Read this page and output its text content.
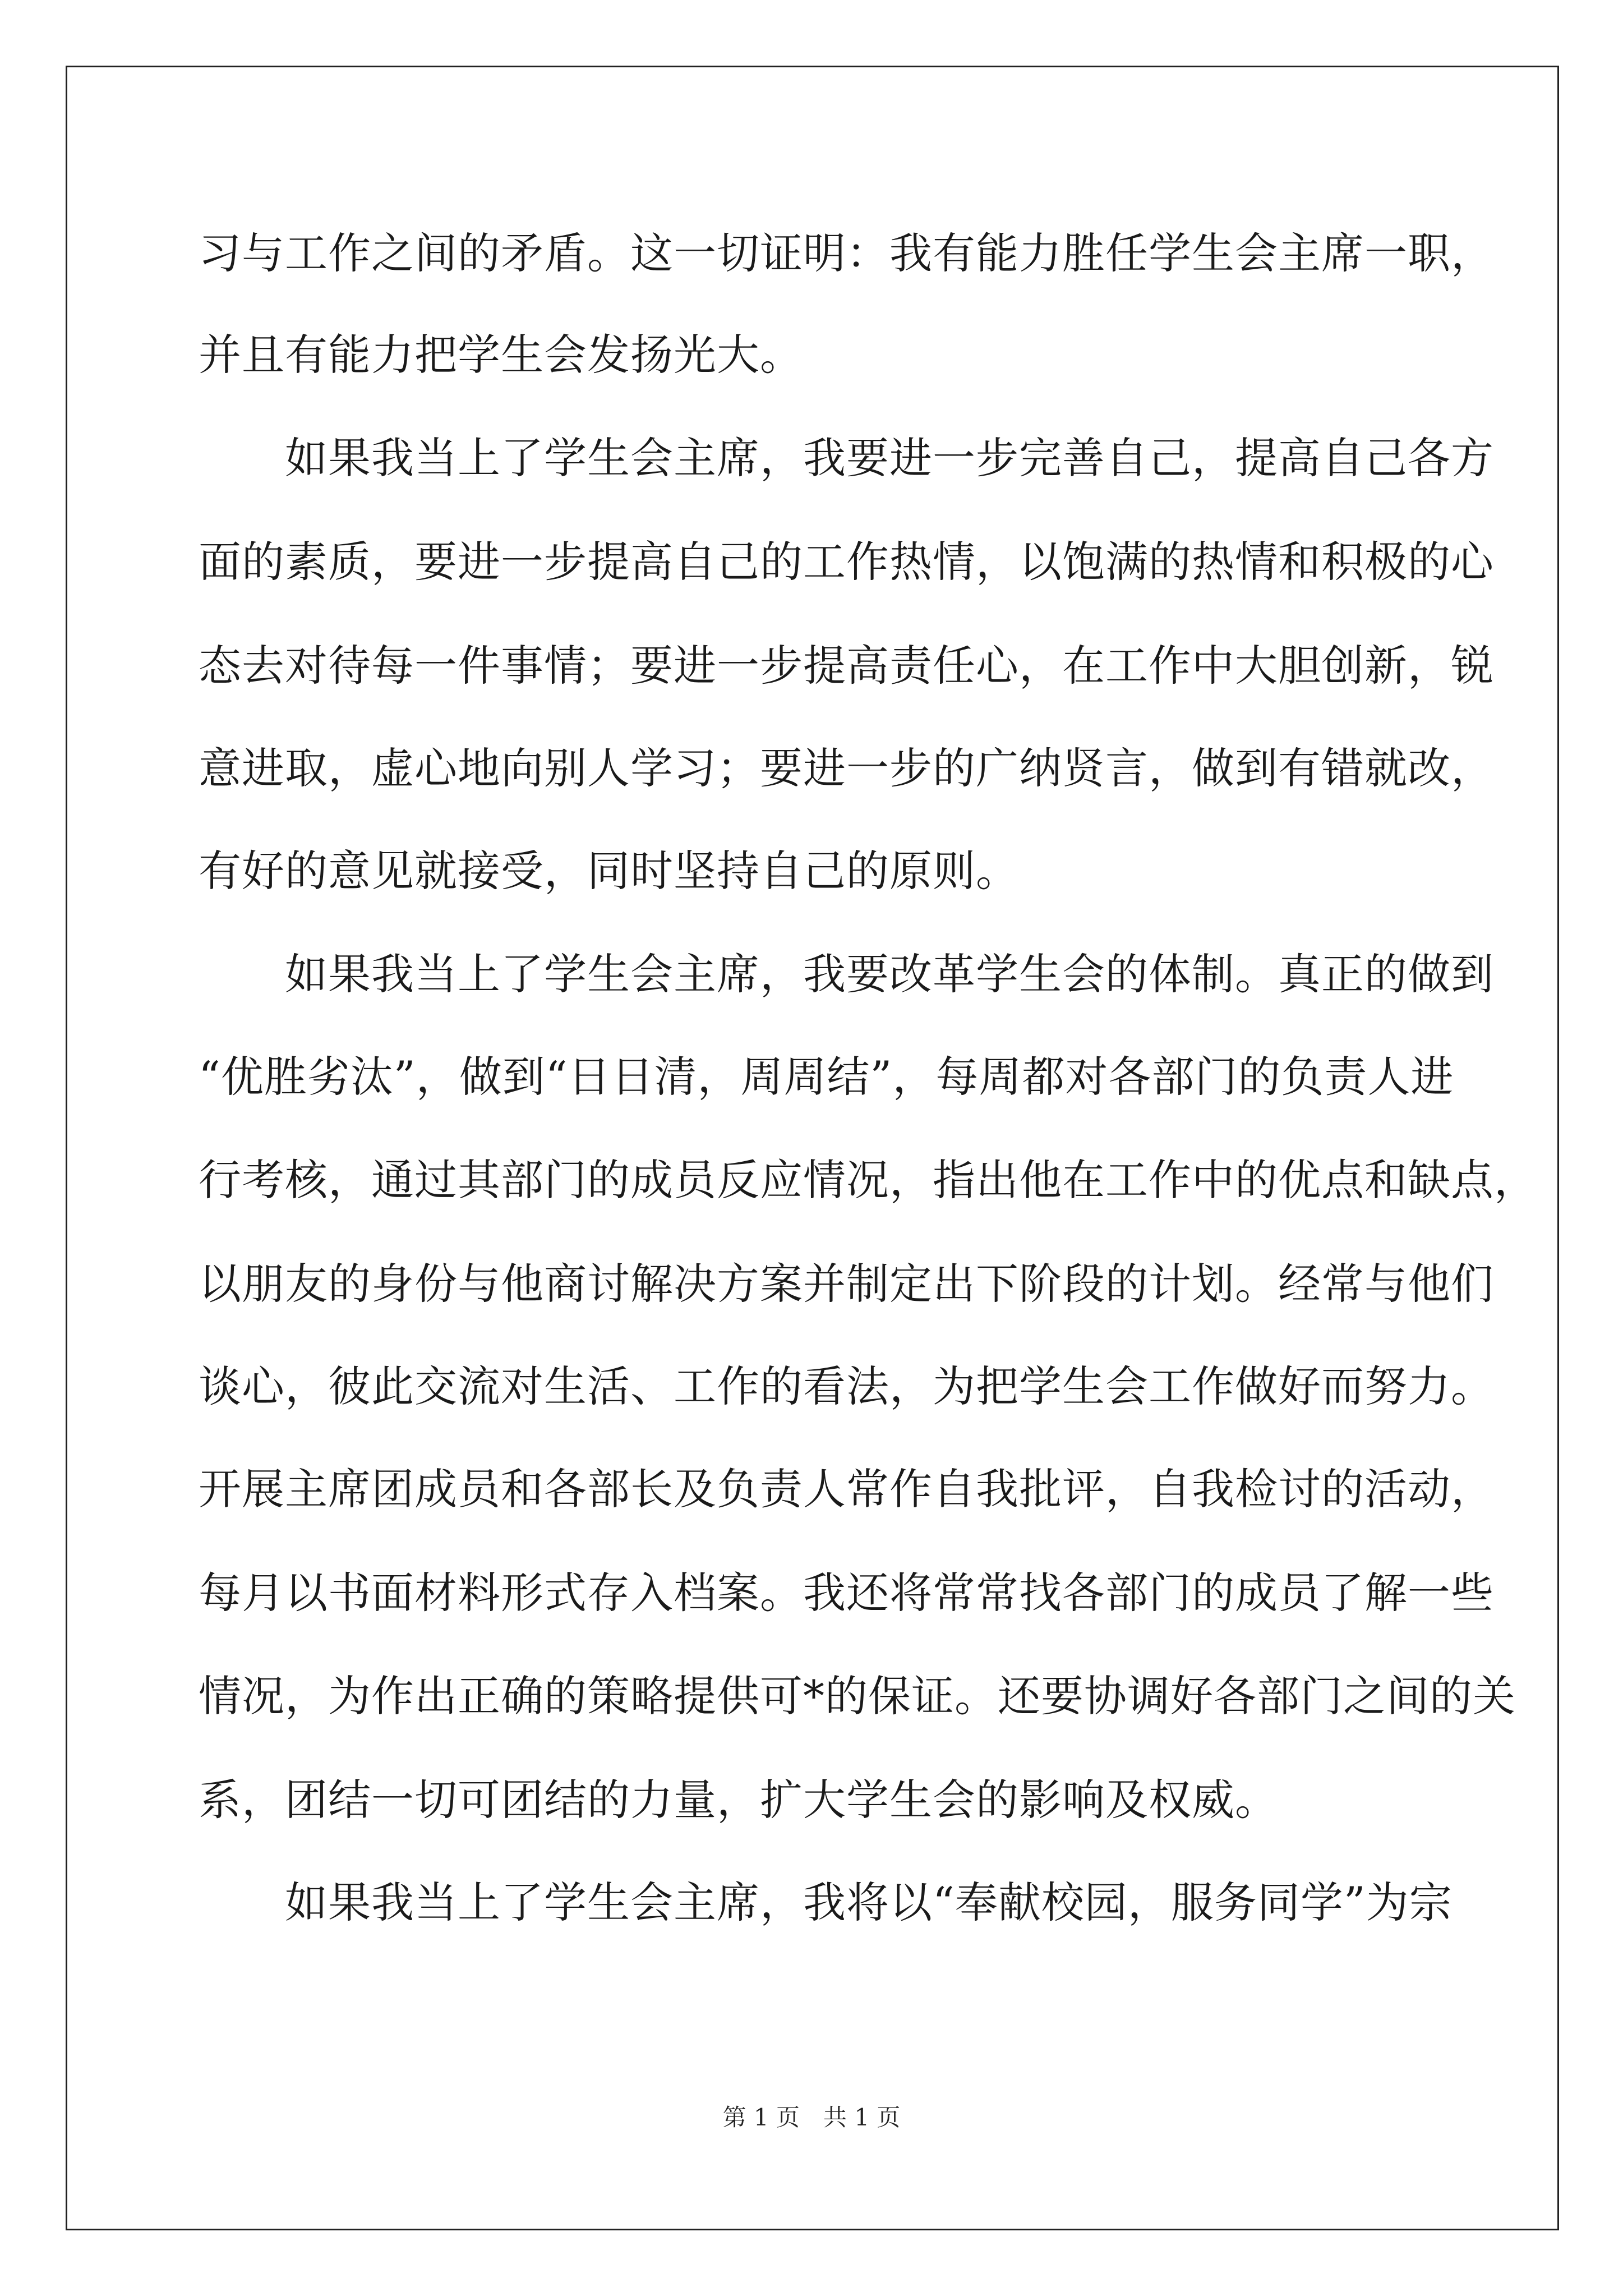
习与工作之间的矛盾。这一切证明：我有能力胜任学生会主席一职，
并且有能力把学生会发扬光大。
　　如果我当上了学生会主席，我要进一步完善自己，提高自己各方
面的素质，要进一步提高自己的工作热情，以饱满的热情和积极的心
态去对待每一件事情；要进一步提高责任心，在工作中大胆创新，锐
意进取，虚心地向别人学习；要进一步的广纳贤言，做到有错就改，
有好的意见就接受，同时坚持自己的原则。
　　如果我当上了学生会主席，我要改革学生会的体制。真正的做到
“优胜劣汰”，做到“日日清，周周结”，每周都对各部门的负责人进
行考核，通过其部门的成员反应情况，指出他在工作中的优点和缺点，
以朋友的身份与他商讨解决方案并制定出下阶段的计划。经常与他们
谈心，彼此交流对生活、工作的看法，为把学生会工作做好而努力。
开展主席团成员和各部长及负责人常作自我批评，自我检讨的活动，
每月以书面材料形式存入档案。我还将常常找各部门的成员了解一些
情况，为作出正确的策略提供可*的保证。还要协调好各部门之间的关
系，团结一切可团结的力量，扩大学生会的影响及权威。
　　如果我当上了学生会主席，我将以“奉献校园，服务同学”为宗
第 1 页　共 1 页
